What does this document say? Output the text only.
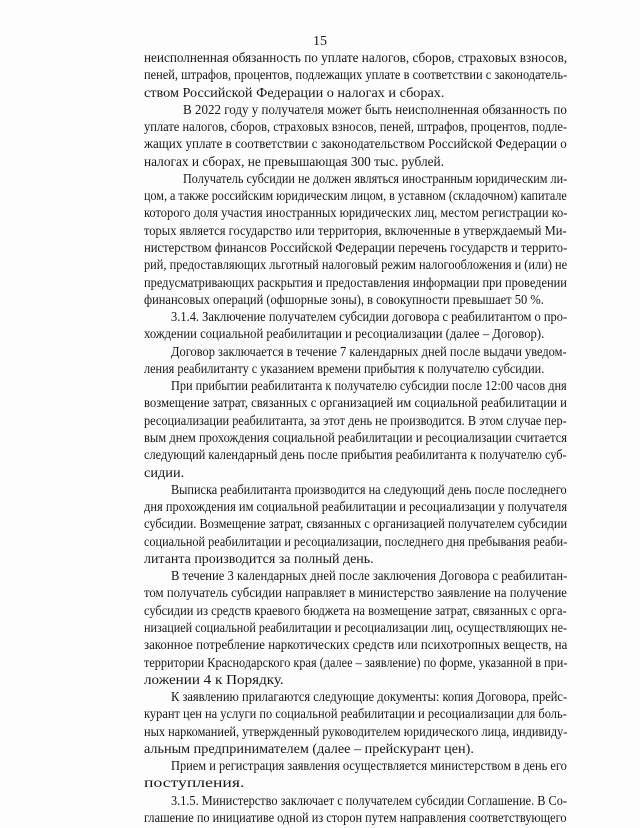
15
неисполненная обязанность по уплате налогов, сборов, страховых взносов,
пеней, штрафов, процентов, подлежащих уплате в соответствии с законодатель-
ством Российской Федерации о налогах и сборах.
В 2022 году у получателя может быть неисполненная обязанность по
уплате налогов, сборов, страховых взносов, пеней, штрафов, процентов, подле-
жащих уплате в соответствии с законодательством Российской Федерации о
налогах и сборах, не превышающая 300 тыс. рублей.
Получатель субсидии не должен являться иностранным юридическим ли-
цом, а также российским юридическим лицом, в уставном (складочном) капитале
которого доля участия иностранных юридических лиц, местом регистрации ко-
торых является государство или территория, включенные в утверждаемый Ми-
нистерством финансов Российской Федерации перечень государств и террито-
рий, предоставляющих льготный налоговый режим налогообложения и (или) не
предусматривающих раскрытия и предоставления информации при проведении
финансовых операций (офшорные зоны), в совокупности превышает 50 %.
3.1.4. Заключение получателем субсидии договора с реабилитантом о про-
хождении социальной реабилитации и ресоциализации (далее – Договор).
Договор заключается в течение 7 календарных дней после выдачи уведом-
ления реабилитанту с указанием времени прибытия к получателю субсидии.
При прибытии реабилитанта к получателю субсидии после 12:00 часов дня
возмещение затрат, связанных с организацией им социальной реабилитации и
ресоциализации реабилитанта, за этот день не производится. В этом случае пер-
вым днем прохождения социальной реабилитации и ресоциализации считается
следующий календарный день после прибытия реабилитанта к получателю суб-
сидии.
Выписка реабилитанта производится на следующий день после последнего
дня прохождения им социальной реабилитации и ресоциализации у получателя
субсидии. Возмещение затрат, связанных с организацией получателем субсидии
социальной реабилитации и ресоциализации, последнего дня пребывания реаби-
литанта производится за полный день.
В течение 3 календарных дней после заключения Договора с реабилитан-
том получатель субсидии направляет в министерство заявление на получение
субсидии из средств краевого бюджета на возмещение затрат, связанных с орга-
низацией социальной реабилитации и ресоциализации лиц, осуществляющих не-
законное потребление наркотических средств или психотропных веществ, на
территории Краснодарского края (далее – заявление) по форме, указанной в при-
ложении 4 к Порядку.
К заявлению прилагаются следующие документы: копия Договора, прейс-
курант цен на услуги по социальной реабилитации и ресоциализации для боль-
ных наркоманией, утвержденный руководителем юридического лица, индивиду-
альным предпринимателем (далее – прейскурант цен).
Прием и регистрация заявления осуществляется министерством в день его
поступления.
3.1.5. Министерство заключает с получателем субсидии Соглашение. В Со-
глашение по инициативе одной из сторон путем направления соответствующего
